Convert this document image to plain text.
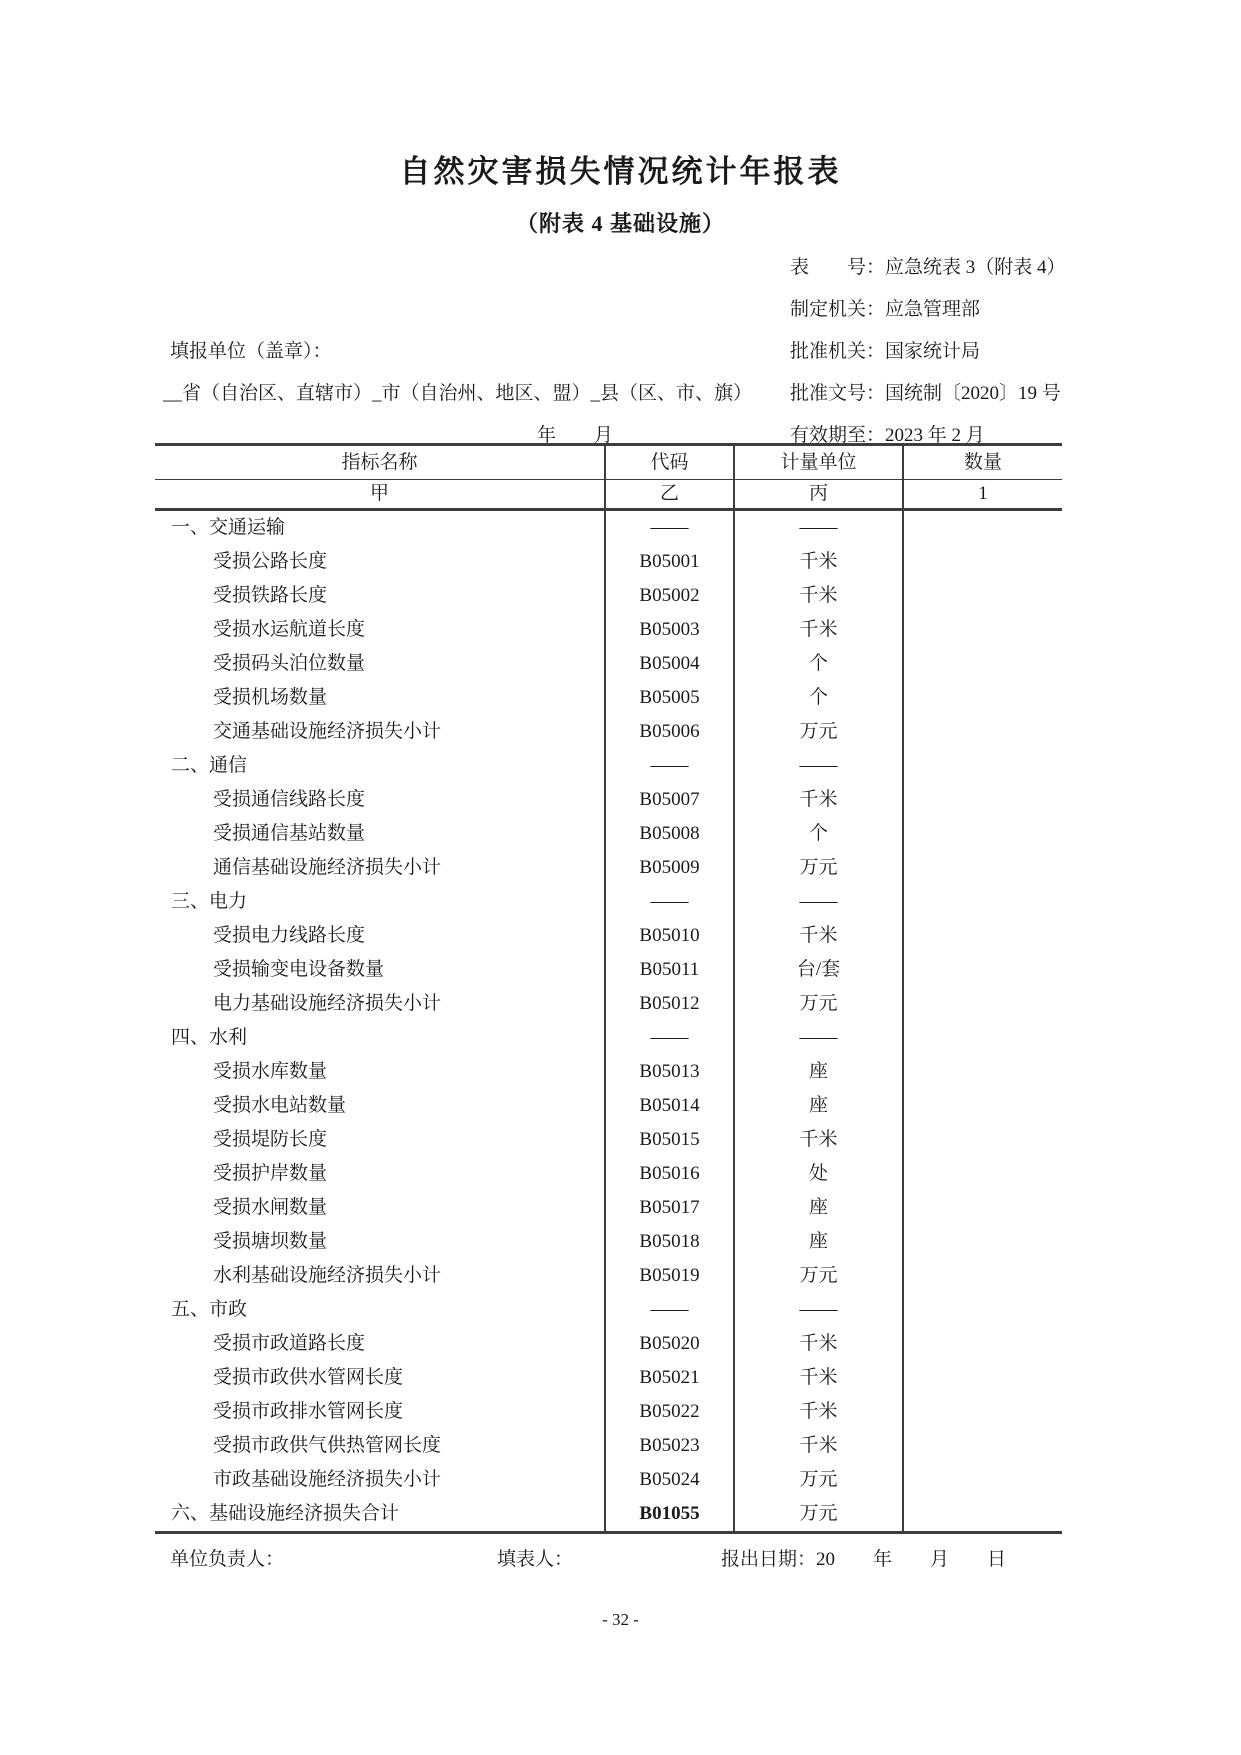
自然灾害损失情况统计年报表
（附表 4 基础设施）
表　　号：应急统表 3（附表 4）
制定机关：应急管理部
批准机关：国家统计局
批准文号：国统制〔2020〕19 号
有效期至：2023 年 2 月
填报单位（盖章）：
__省（自治区、直辖市）_市（自治州、地区、盟）_县（区、市、旗）
年　　月
指标名称	代码	计量单位	数量
甲	乙	丙	1
一、交通运输	——	——
受损公路长度	B05001	千米
受损铁路长度	B05002	千米
受损水运航道长度	B05003	千米
受损码头泊位数量	B05004	个
受损机场数量	B05005	个
交通基础设施经济损失小计	B05006	万元
二、通信	——	——
受损通信线路长度	B05007	千米
受损通信基站数量	B05008	个
通信基础设施经济损失小计	B05009	万元
三、电力	——	——
受损电力线路长度	B05010	千米
受损输变电设备数量	B05011	台/套
电力基础设施经济损失小计	B05012	万元
四、水利	——	——
受损水库数量	B05013	座
受损水电站数量	B05014	座
受损堤防长度	B05015	千米
受损护岸数量	B05016	处
受损水闸数量	B05017	座
受损塘坝数量	B05018	座
水利基础设施经济损失小计	B05019	万元
五、市政	——	——
受损市政道路长度	B05020	千米
受损市政供水管网长度	B05021	千米
受损市政排水管网长度	B05022	千米
受损市政供气供热管网长度	B05023	千米
市政基础设施经济损失小计	B05024	万元
六、基础设施经济损失合计	B01055	万元
单位负责人：	填表人：	报出日期：20　　年　　月　　日
- 32 -
